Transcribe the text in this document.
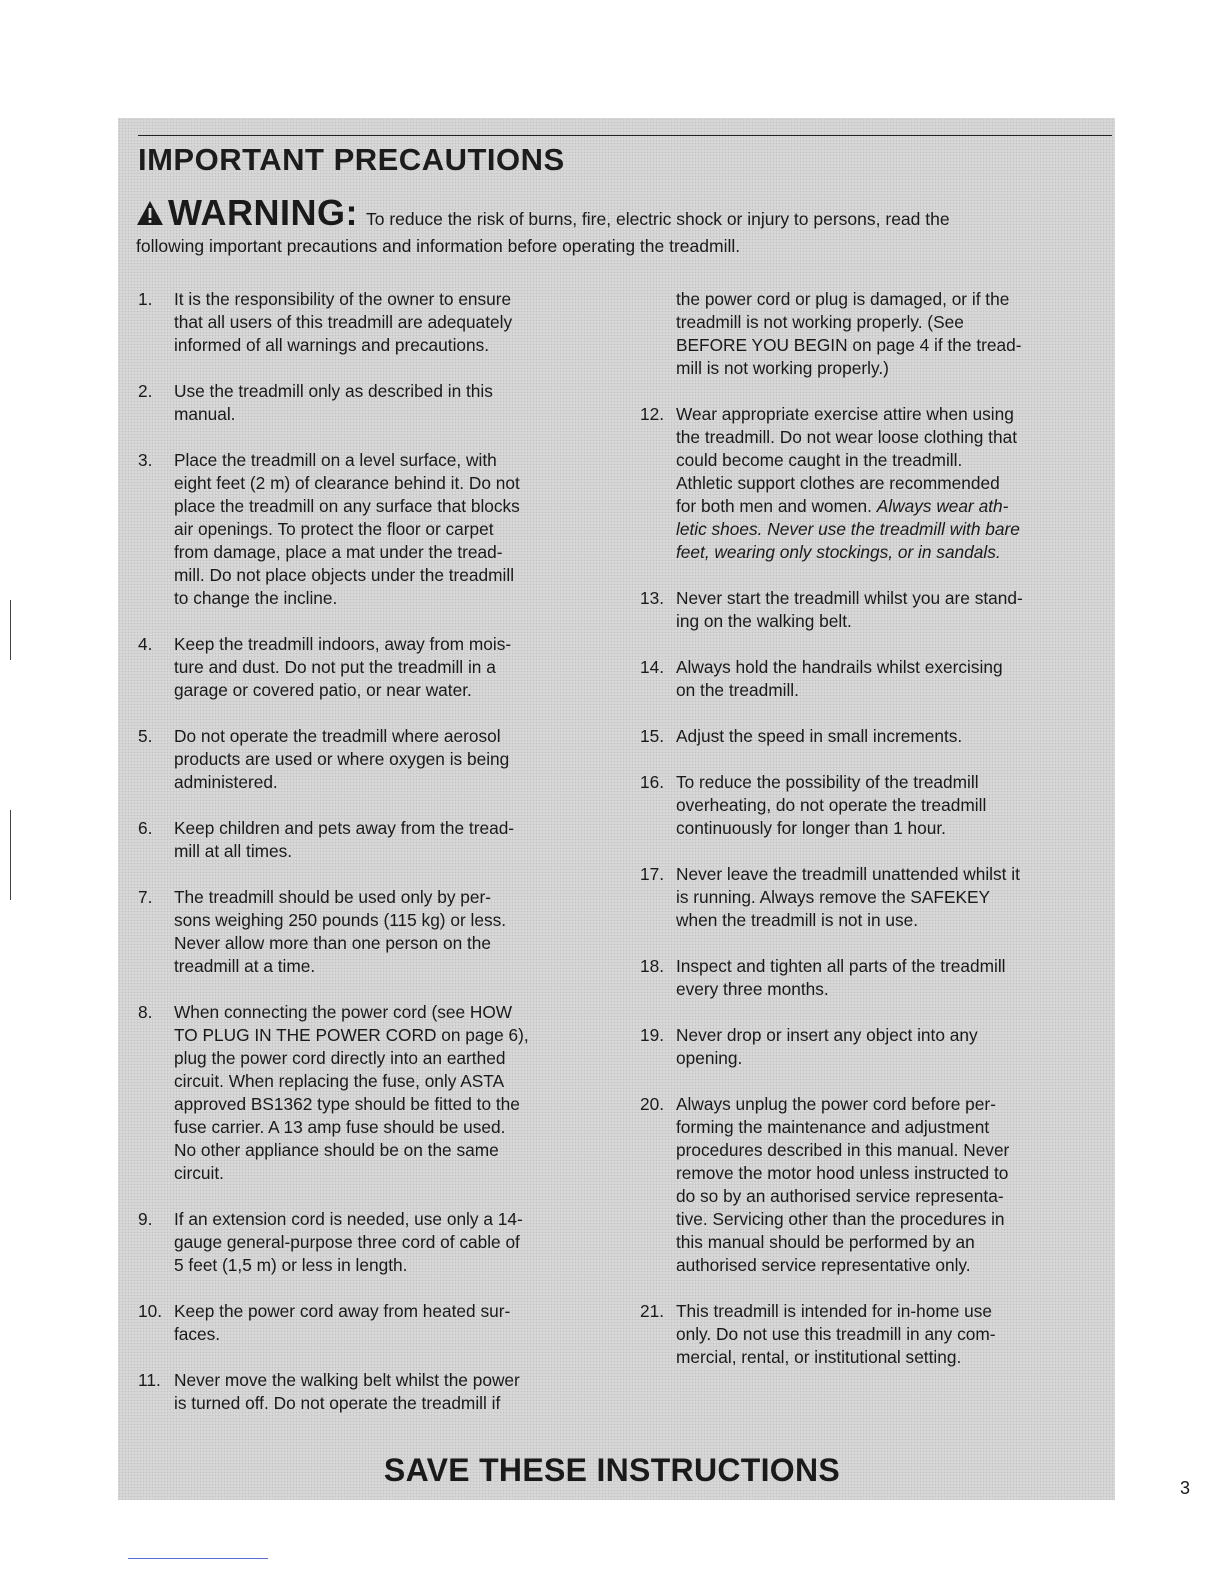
IMPORTANT PRECAUTIONS
WARNING: To reduce the risk of burns, fire, electric shock or injury to persons, read the
following important precautions and information before operating the treadmill.
1.	It is the responsibility of the owner to ensure
that all users of this treadmill are adequately
informed of all warnings and precautions.
2.	Use the treadmill only as described in this
manual.
3.	Place the treadmill on a level surface, with
eight feet (2 m) of clearance behind it. Do not
place the treadmill on any surface that blocks
air openings. To protect the floor or carpet
from damage, place a mat under the tread-
mill. Do not place objects under the treadmill
to change the incline.
4.	Keep the treadmill indoors, away from mois-
ture and dust. Do not put the treadmill in a
garage or covered patio, or near water.
5.	Do not operate the treadmill where aerosol
products are used or where oxygen is being
administered.
6.	Keep children and pets away from the tread-
mill at all times.
7.	The treadmill should be used only by per-
sons weighing 250 pounds (115 kg) or less.
Never allow more than one person on the
treadmill at a time.
8.	When connecting the power cord (see HOW
TO PLUG IN THE POWER CORD on page 6),
plug the power cord directly into an earthed
circuit. When replacing the fuse, only ASTA
approved BS1362 type should be fitted to the
fuse carrier. A 13 amp fuse should be used.
No other appliance should be on the same
circuit.
9.	If an extension cord is needed, use only a 14-
gauge general-purpose three cord of cable of
5 feet (1,5 m) or less in length.
10. Keep the power cord away from heated sur-
faces.
11. Never move the walking belt whilst the power
is turned off. Do not operate the treadmill if
the power cord or plug is damaged, or if the
treadmill is not working properly. (See
BEFORE YOU BEGIN on page 4 if the tread-
mill is not working properly.)
12. Wear appropriate exercise attire when using
the treadmill. Do not wear loose clothing that
could become caught in the treadmill.
Athletic support clothes are recommended
for both men and women. Always wear ath-
letic shoes. Never use the treadmill with bare
feet, wearing only stockings, or in sandals.
13. Never start the treadmill whilst you are stand-
ing on the walking belt.
14. Always hold the handrails whilst exercising
on the treadmill.
15. Adjust the speed in small increments.
16. To reduce the possibility of the treadmill
overheating, do not operate the treadmill
continuously for longer than 1 hour.
17. Never leave the treadmill unattended whilst it
is running. Always remove the SAFEKEY
when the treadmill is not in use.
18. Inspect and tighten all parts of the treadmill
every three months.
19. Never drop or insert any object into any
opening.
20. Always unplug the power cord before per-
forming the maintenance and adjustment
procedures described in this manual. Never
remove the motor hood unless instructed to
do so by an authorised service representa-
tive. Servicing other than the procedures in
this manual should be performed by an
authorised service representative only.
21. This treadmill is intended for in-home use
only. Do not use this treadmill in any com-
mercial, rental, or institutional setting.

SAVE THESE INSTRUCTIONS	3
